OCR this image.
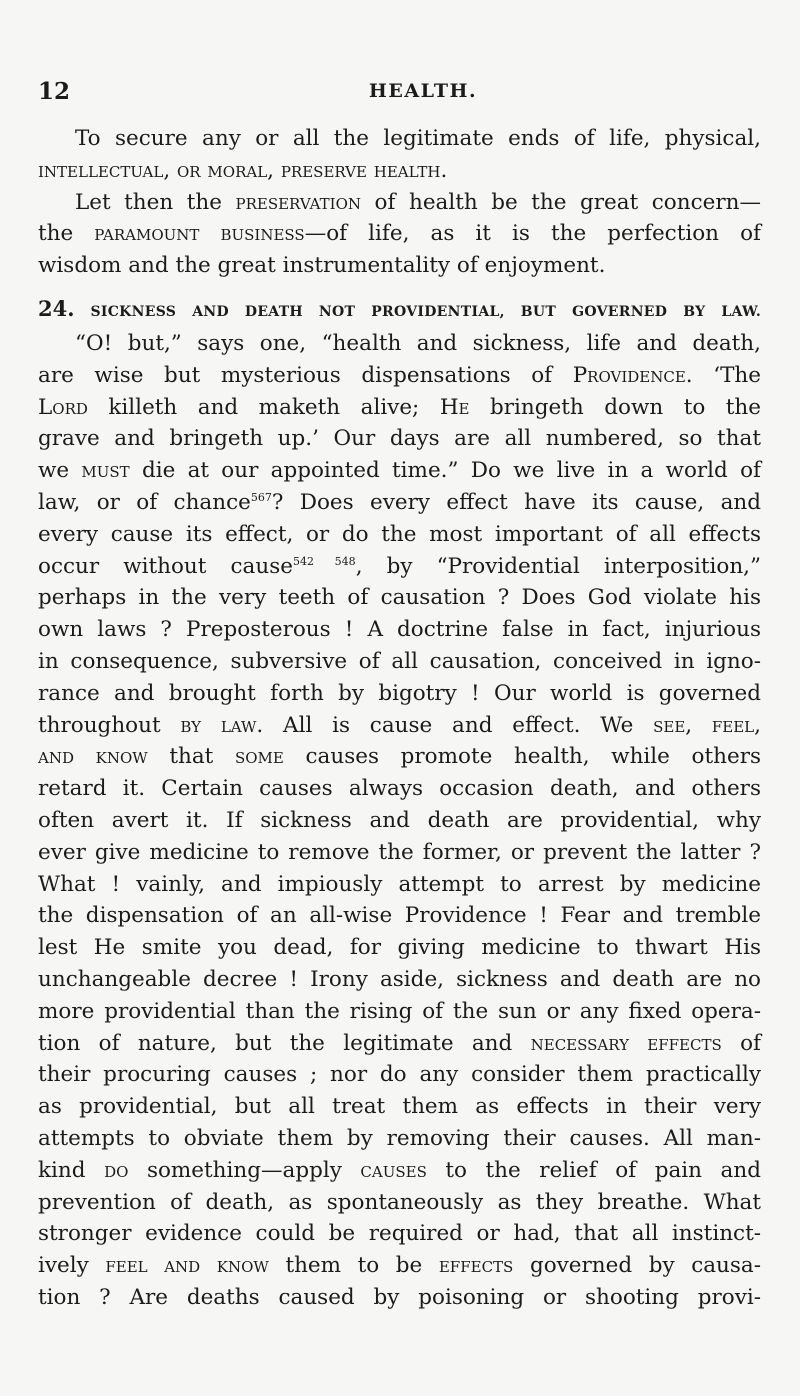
12	HEALTH.
To secure any or all the legitimate ends of life, physical,
intellectual, or moral, preserve health.
Let then the preservation of health be the great concern—
the paramount business—of life, as it is the perfection of
wisdom and the great instrumentality of enjoyment.
24. SICKNESS AND DEATH NOT PROVIDENTIAL, BUT GOVERNED BY LAW.
“O! but,” says one, “health and sickness, life and death,
are wise but mysterious dispensations of Providence. ‘The
Lord killeth and maketh alive; He bringeth down to the
grave and bringeth up.’ Our days are all numbered, so that
we must die at our appointed time.” Do we live in a world of
law, or of chance$^{567}$? Does every effect have its cause, and
every cause its effect, or do the most important of all effects
occur without cause$^{542 548}$, by “Providential interposition,”
perhaps in the very teeth of causation ? Does God violate his
own laws ? Preposterous ! A doctrine false in fact, injurious
in consequence, subversive of all causation, conceived in igno-
rance and brought forth by bigotry ! Our world is governed
throughout by law. All is cause and effect. We see, feel,
and know that some causes promote health, while others
retard it. Certain causes always occasion death, and others
often avert it. If sickness and death are providential, why
ever give medicine to remove the former, or prevent the latter ?
What ! vainly, and impiously attempt to arrest by medicine
the dispensation of an all-wise Providence ! Fear and tremble
lest He smite you dead, for giving medicine to thwart His
unchangeable decree ! Irony aside, sickness and death are no
more providential than the rising of the sun or any fixed opera-
tion of nature, but the legitimate and necessary effects of
their procuring causes ; nor do any consider them practically
as providential, but all treat them as effects in their very
attempts to obviate them by removing their causes. All man-
kind do something—apply causes to the relief of pain and
prevention of death, as spontaneously as they breathe. What
stronger evidence could be required or had, that all instinct-
ively feel and know them to be effects governed by causa-
tion ? Are deaths caused by poisoning or shooting provi-
